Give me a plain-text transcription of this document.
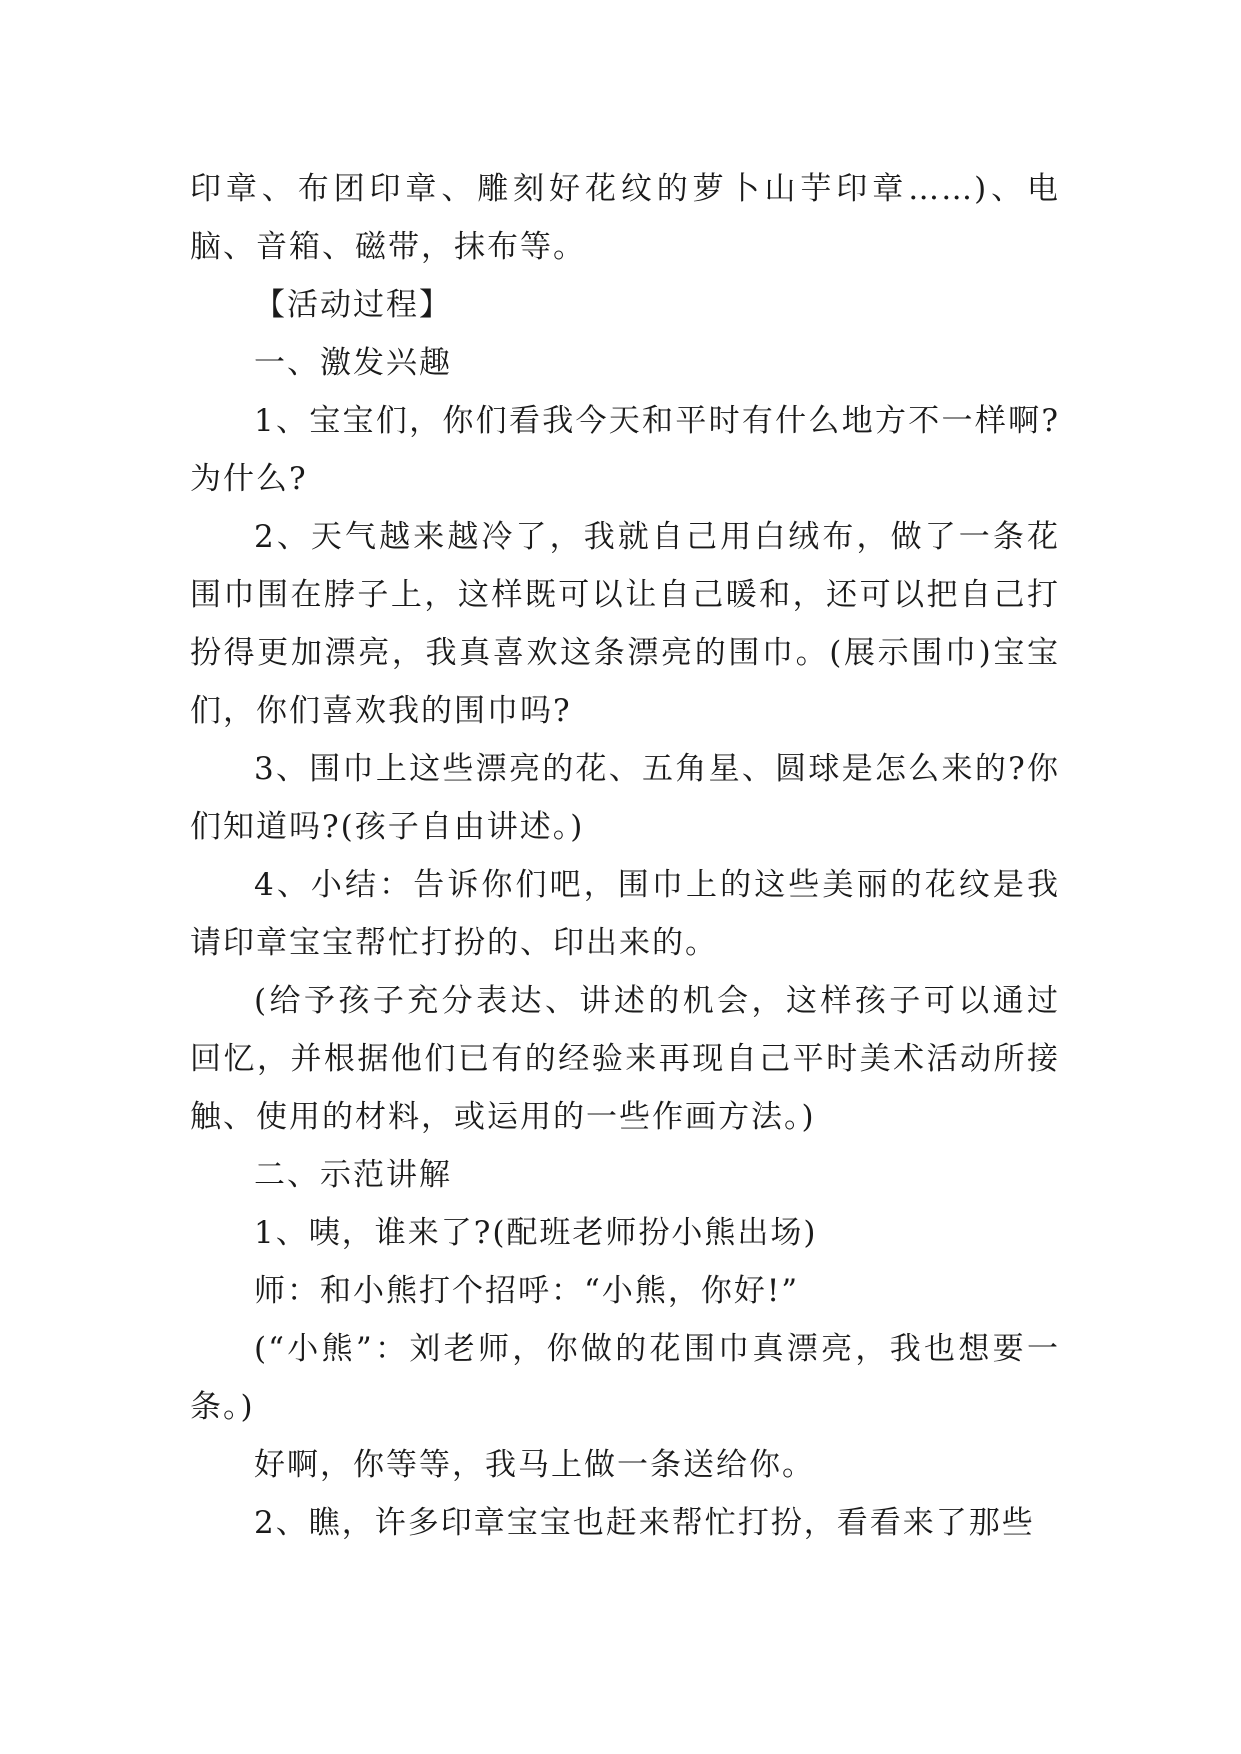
印章、布团印章、雕刻好花纹的萝卜山芋印章……)、电脑、音箱、磁带，抹布等。

【活动过程】

一、激发兴趣

1、宝宝们，你们看我今天和平时有什么地方不一样啊?为什么?

2、天气越来越冷了，我就自己用白绒布，做了一条花围巾围在脖子上，这样既可以让自己暖和，还可以把自己打扮得更加漂亮，我真喜欢这条漂亮的围巾。(展示围巾)宝宝们，你们喜欢我的围巾吗?

3、围巾上这些漂亮的花、五角星、圆球是怎么来的?你们知道吗?(孩子自由讲述。)

4、小结：告诉你们吧，围巾上的这些美丽的花纹是我请印章宝宝帮忙打扮的、印出来的。

(给予孩子充分表达、讲述的机会，这样孩子可以通过回忆，并根据他们已有的经验来再现自己平时美术活动所接触、使用的材料，或运用的一些作画方法。)

二、示范讲解

1、咦，谁来了?(配班老师扮小熊出场)

师：和小熊打个招呼：“小熊，你好!”

(“小熊”：刘老师，你做的花围巾真漂亮，我也想要一条。)

好啊，你等等，我马上做一条送给你。

2、瞧，许多印章宝宝也赶来帮忙打扮，看看来了那些
